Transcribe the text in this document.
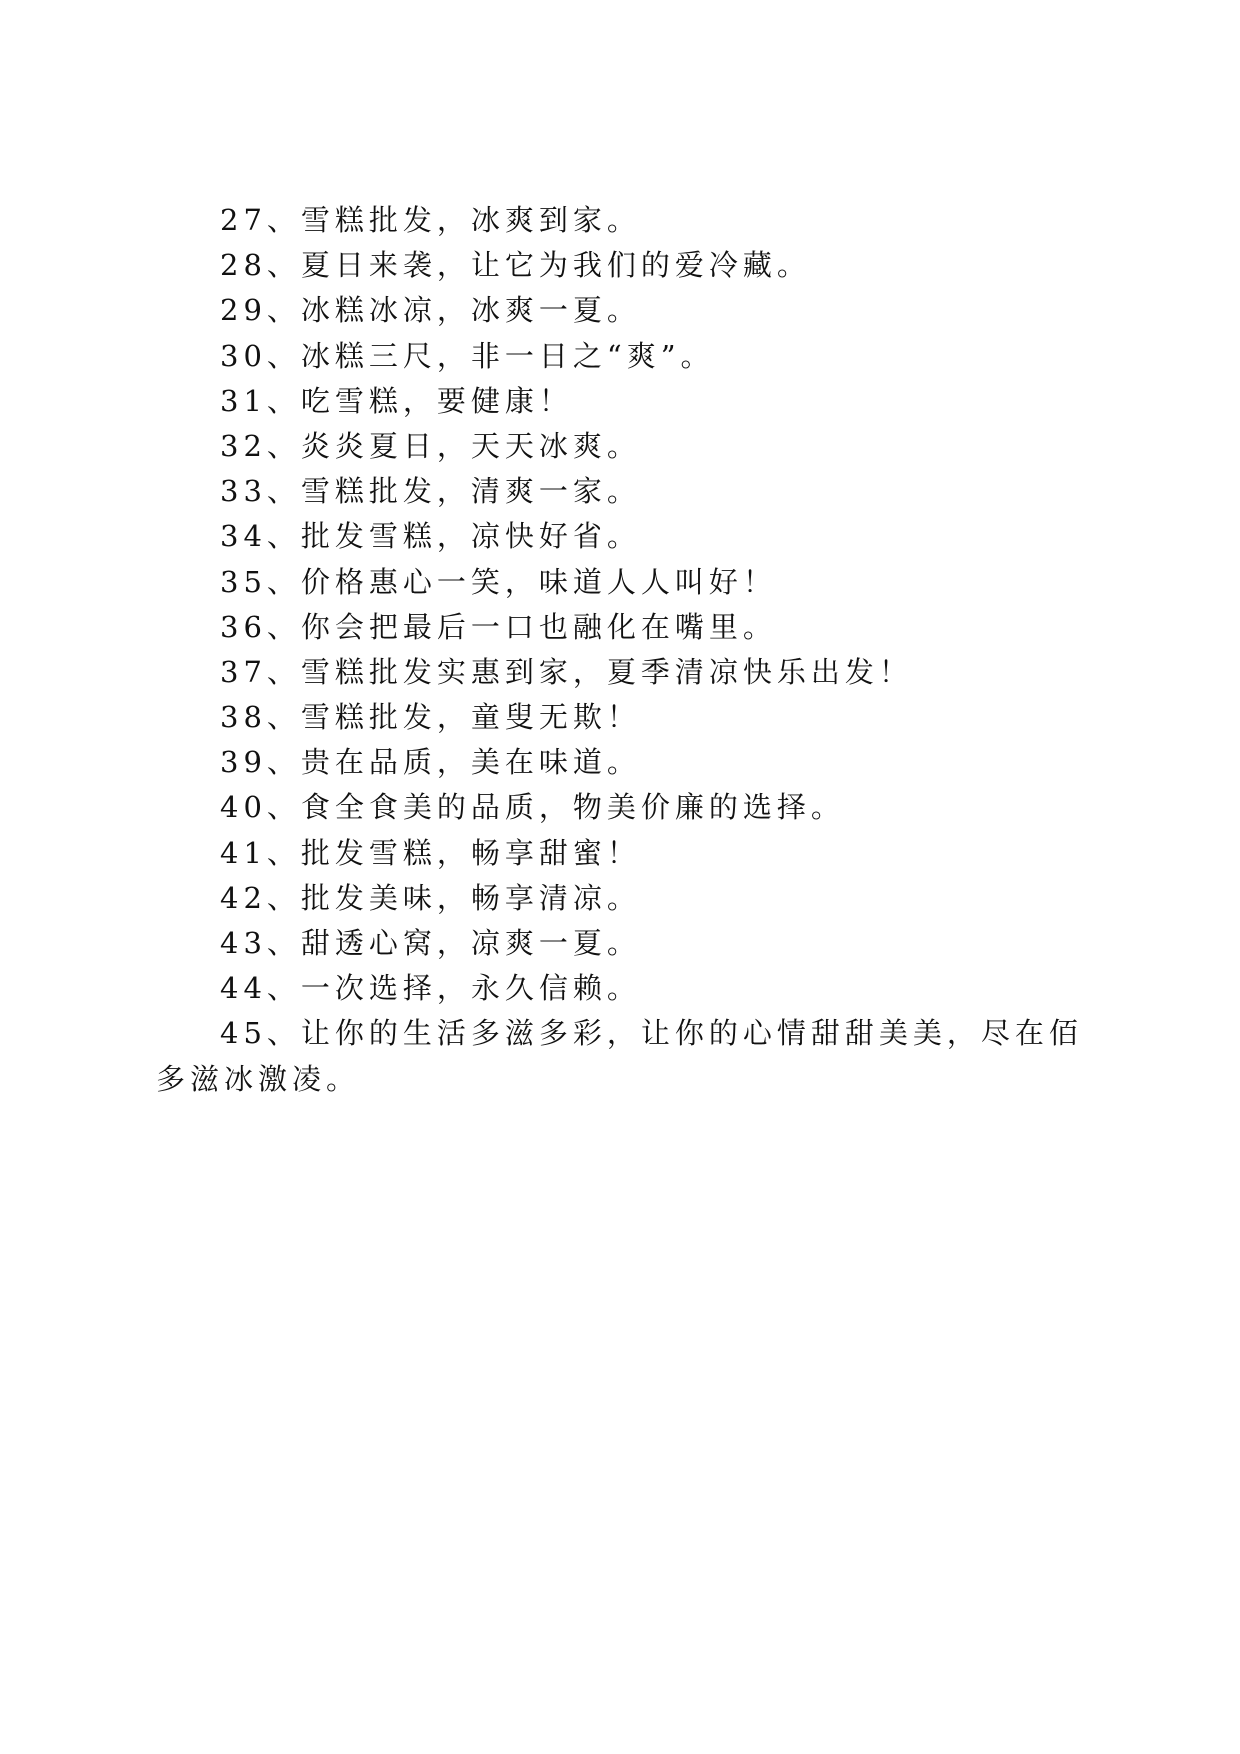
27、雪糕批发，冰爽到家。
28、夏日来袭，让它为我们的爱冷藏。
29、冰糕冰凉，冰爽一夏。
30、冰糕三尺，非一日之“爽”。
31、吃雪糕，要健康！
32、炎炎夏日，天天冰爽。
33、雪糕批发，清爽一家。
34、批发雪糕，凉快好省。
35、价格惠心一笑，味道人人叫好！
36、你会把最后一口也融化在嘴里。
37、雪糕批发实惠到家，夏季清凉快乐出发！
38、雪糕批发，童叟无欺！
39、贵在品质，美在味道。
40、食全食美的品质，物美价廉的选择。
41、批发雪糕，畅享甜蜜！
42、批发美味，畅享清凉。
43、甜透心窝，凉爽一夏。
44、一次选择，永久信赖。
45、让你的生活多滋多彩，让你的心情甜甜美美，尽在佰多滋冰激凌。
